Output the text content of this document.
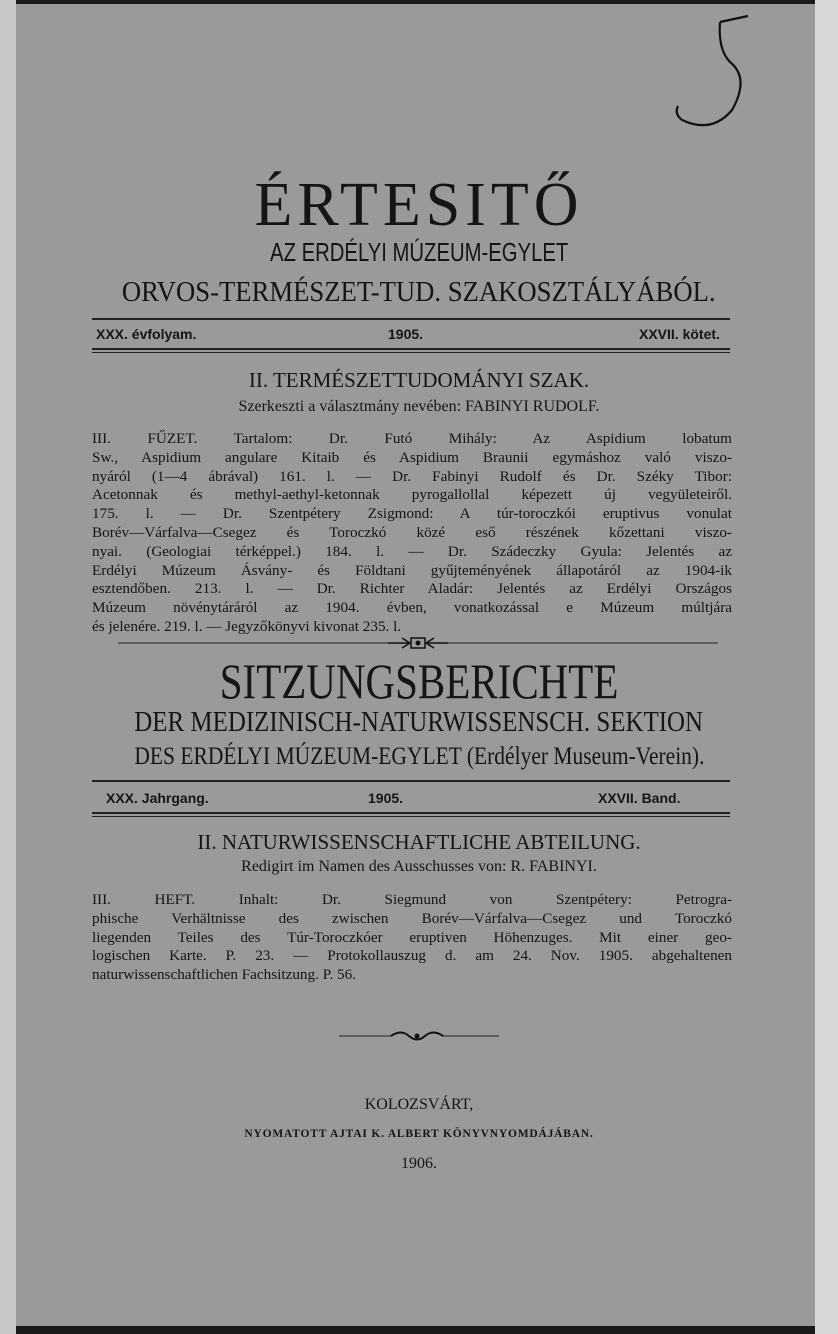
ÉRTESITŐ
AZ ERDÉLYI MÚZEUM-EGYLET
ORVOS-TERMÉSZET-TUD. SZAKOSZTÁLYÁBÓL.
XXX. évfolyam.	1905.	XXVII. kötet.
II. TERMÉSZETTUDOMÁNYI SZAK.
Szerkeszti a választmány nevében: FABINYI RUDOLF.
III. FŰZET. Tartalom: Dr. Futó Mihály: Az Aspidium lobatum
Sw., Aspidium angulare Kitaib és Aspidium Braunii egymáshoz való viszo-
nyáról (1—4 ábrával) 161. l. — Dr. Fabinyi Rudolf és Dr. Széky Tibor:
Acetonnak és methyl-aethyl-ketonnak pyrogallollal képezett új vegyületeiről.
175. l. — Dr. Szentpétery Zsigmond: A túr-toroczkói eruptivus vonulat
Borév—Várfalva—Csegez és Toroczkó közé eső részének kőzettani viszo-
nyai. (Geologiai térképpel.) 184. l. — Dr. Szádeczky Gyula: Jelentés az
Erdélyi Múzeum Ásvány- és Földtani gyűjteményének állapotáról az 1904-ik
esztendőben. 213. l. — Dr. Richter Aladár: Jelentés az Erdélyi Országos
Múzeum növénytáráról az 1904. évben, vonatkozással e Múzeum múltjára
és jelenére. 219. l. — Jegyzőkönyvi kivonat 235. l.
SITZUNGSBERICHTE
DER MEDIZINISCH-NATURWISSENSCH. SEKTION
DES ERDÉLYI MÚZEUM-EGYLET (Erdélyer Museum-Verein).
XXX. Jahrgang.	1905.	XXVII. Band.
II. NATURWISSENSCHAFTLICHE ABTEILUNG.
Redigirt im Namen des Ausschusses von: R. FABINYI.
III. HEFT. Inhalt: Dr. Siegmund von Szentpétery: Petrogra-
phische Verhältnisse des zwischen Borév—Várfalva—Csegez und Toroczkó
liegenden Teiles des Túr-Toroczkóer eruptiven Höhenzuges. Mit einer geo-
logischen Karte. P. 23. — Protokollauszug d. am 24. Nov. 1905. abgehaltenen
naturwissenschaftlichen Fachsitzung. P. 56.
KOLOZSVÁRT,
NYOMATOTT AJTAI K. ALBERT KÖNYVNYOMDÁJÁBAN.
1906.
